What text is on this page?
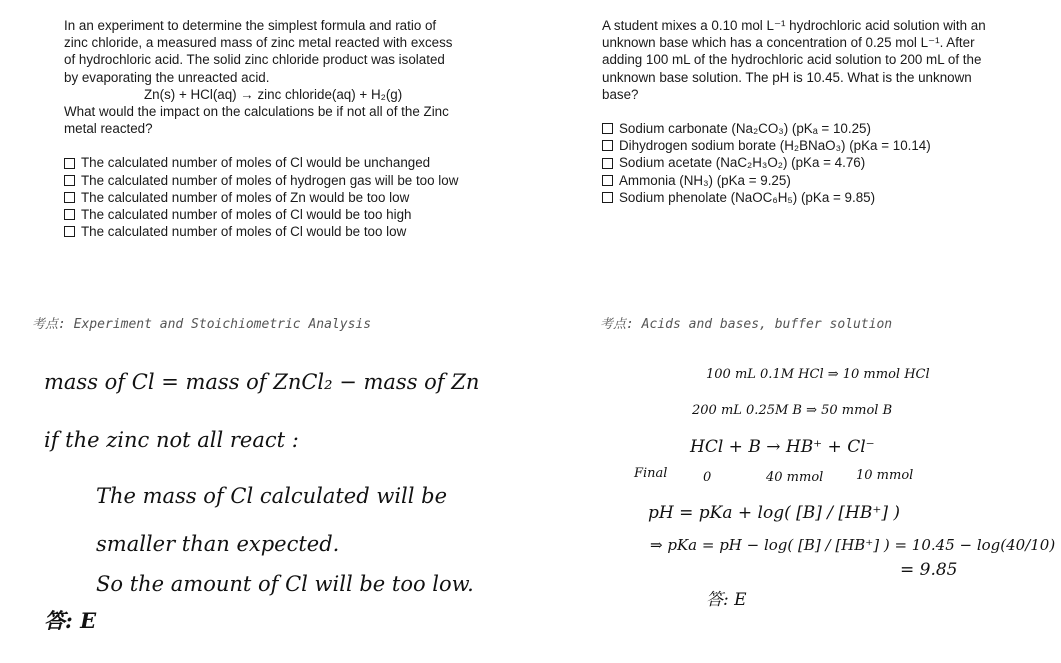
In an experiment to determine the simplest formula and ratio of

zinc chloride, a measured mass of zinc metal reacted with excess

of hydrochloric acid. The solid zinc chloride product was isolated

by evaporating the unreacted acid.

Zn(s) + HCl(aq) → zinc chloride(aq) + H₂(g)

What would the impact on the calculations be if not all of the Zinc

metal reacted?

The calculated number of moles of Cl would be unchanged
The calculated number of moles of hydrogen gas will be too low
The calculated number of moles of Zn would be too low
The calculated number of moles of Cl would be too high
The calculated number of moles of Cl would be too low

A student mixes a 0.10 mol L⁻¹ hydrochloric acid solution with an

unknown base which has a concentration of 0.25 mol L⁻¹. After

adding 100 mL of the hydrochloric acid solution to 200 mL of the

unknown base solution. The pH is 10.45. What is the unknown

base?

Sodium carbonate (Na₂CO₃) (pKₐ = 10.25)
Dihydrogen sodium borate (H₂BNaO₃) (pKa = 10.14)
Sodium acetate (NaC₂H₃O₂) (pKa = 4.76)
Ammonia (NH₃) (pKa = 9.25)
Sodium phenolate (NaOC₆H₅) (pKa = 9.85)
考点: Experiment and Stoichiometric Analysis	考点: Acids and bases, buffer solution
mass of Cl = mass of ZnCl₂ − mass of Zn
if the zinc not all react :
The mass of Cl calculated will be
smaller than expected.
So the amount of Cl will be too low.
答: E
100 mL 0.1M HCl ⇒ 10 mmol HCl
200 mL 0.25M B ⇒ 50 mmol B
HCl + B → HB⁺ + Cl⁻
Final	0	40 mmol	10 mmol
pH = pKa + log( [B] / [HB⁺] )
⇒ pKa = pH − log( [B] / [HB⁺] ) = 10.45 − log(40/10)
= 9.85
答: E
